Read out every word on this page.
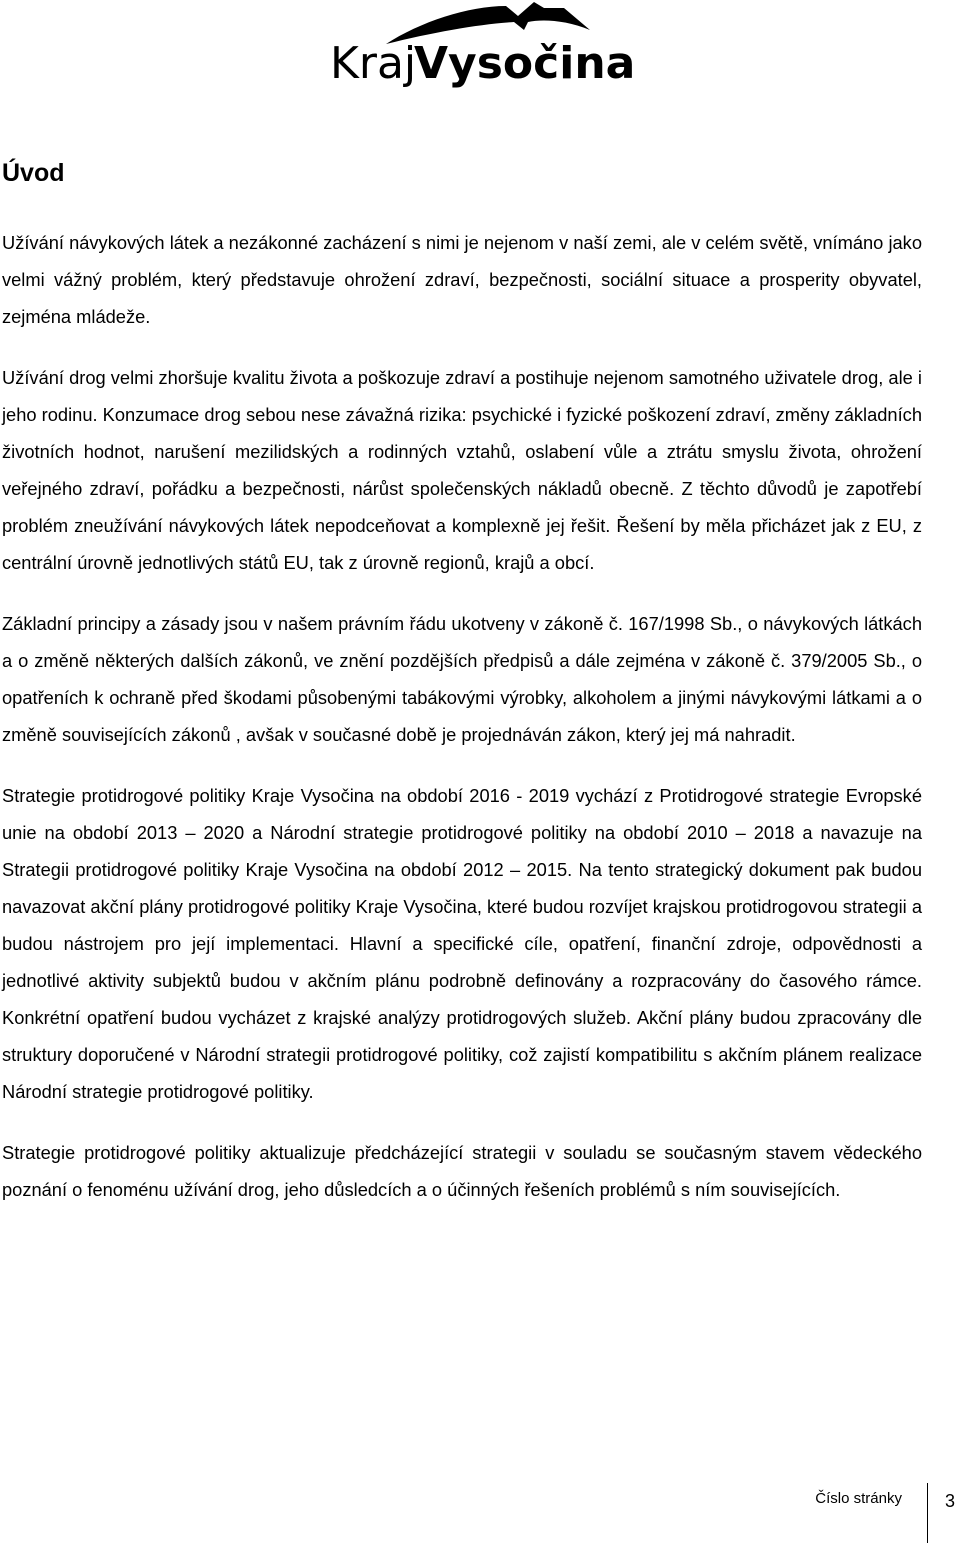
Kraj
Vysočina
Úvod

Užívání návykových látek a nezákonné zacházení s nimi je nejenom v naší zemi, ale v celém světě, vnímáno jako velmi vážný problém, který představuje ohrožení zdraví, bezpečnosti, sociální situace a prosperity obyvatel, zejména mládeže.

Užívání drog velmi zhoršuje kvalitu života a poškozuje zdraví a postihuje nejenom samotného uživatele drog, ale i jeho rodinu. Konzumace drog sebou nese závažná rizika: psychické i fyzické poškození zdraví, změny základních životních hodnot, narušení mezilidských a rodinných vztahů, oslabení vůle a ztrátu smyslu života, ohrožení veřejného zdraví, pořádku a bezpečnosti, nárůst společenských nákladů obecně. Z těchto důvodů je zapotřebí problém zneužívání návykových látek nepodceňovat a komplexně jej řešit. Řešení by měla přicházet jak z EU, z centrální úrovně jednotlivých států EU, tak z úrovně regionů, krajů a obcí.

Základní principy a zásady jsou v našem právním řádu ukotveny v zákoně č. 167/1998 Sb., o návykových látkách a o změně některých dalších zákonů, ve znění pozdějších předpisů a dále zejména v zákoně č. 379/2005 Sb., o opatřeních k ochraně před škodami působenými tabákovými výrobky, alkoholem a jinými návykovými látkami a o změně souvisejících zákonů , avšak v současné době je projednáván zákon, který jej má nahradit.

Strategie protidrogové politiky Kraje Vysočina na období 2016 - 2019 vychází z Protidrogové strategie Evropské unie na období 2013 – 2020 a Národní strategie protidrogové politiky na období 2010 – 2018 a navazuje na Strategii protidrogové politiky Kraje Vysočina na období 2012 – 2015. Na tento strategický dokument pak budou navazovat akční plány protidrogové politiky Kraje Vysočina, které budou rozvíjet krajskou protidrogovou strategii a budou nástrojem pro její implementaci. Hlavní a specifické cíle, opatření, finanční zdroje, odpovědnosti a jednotlivé aktivity subjektů budou v akčním plánu podrobně definovány a rozpracovány do časového rámce. Konkrétní opatření budou vycházet z krajské analýzy protidrogových služeb. Akční plány budou zpracovány dle struktury doporučené v Národní strategii protidrogové politiky, což zajistí kompatibilitu s akčním plánem realizace Národní strategie protidrogové politiky.

Strategie protidrogové politiky aktualizuje předcházející strategii v souladu se současným stavem vědeckého poznání o fenoménu užívání drog, jeho důsledcích a o účinných řešeních problémů s ním souvisejících.

Číslo stránky 3
